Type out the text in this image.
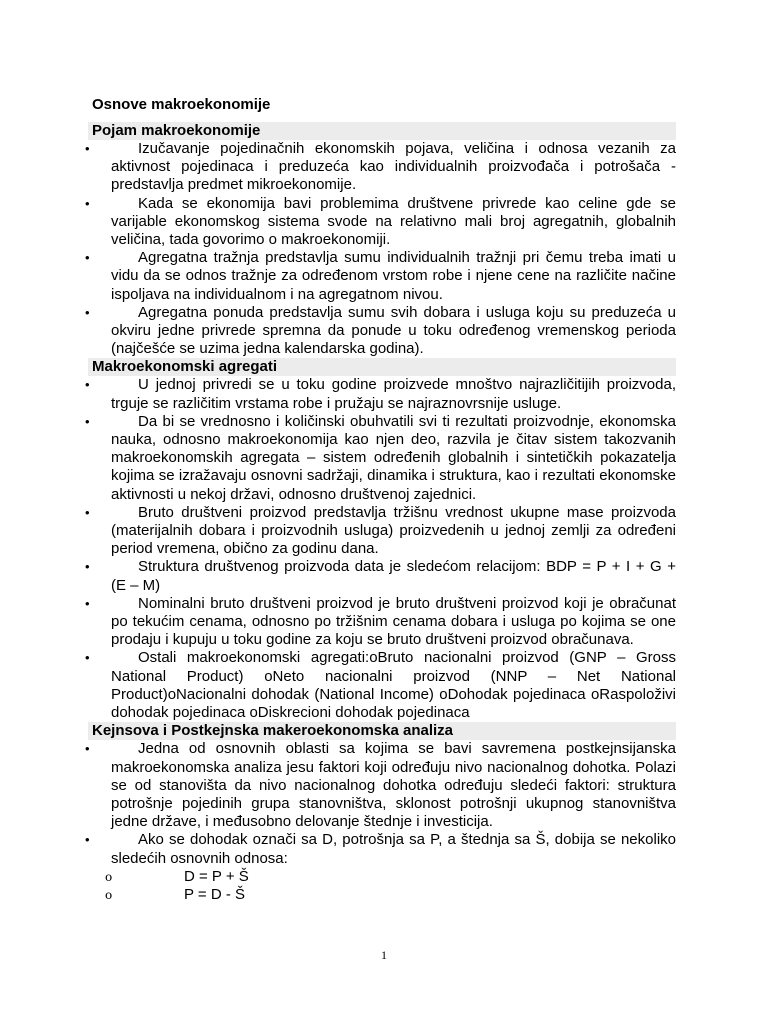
Osnove makroekonomije
Pojam makroekonomije
•	Izučavanje pojedinačnih ekonomskih pojava, veličina i odnosa vezanih za aktivnost pojedinaca i preduzeća kao individualnih proizvođača i potrošača - predstavlja predmet mikroekonomije.
•	Kada se ekonomija bavi problemima društvene privrede kao celine gde se varijable ekonomskog sistema svode na relativno mali broj agregatnih, globalnih veličina, tada govorimo o makroekonomiji.
•	Agregatna tražnja predstavlja sumu individualnih tražnji pri čemu treba imati u vidu da se odnos tražnje za određenom vrstom robe i njene cene na različite načine ispoljava na individualnom i na agregatnom nivou.
•	Agregatna ponuda predstavlja sumu svih dobara i usluga koju su preduzeća u okviru jedne privrede spremna da ponude u toku određenog vremenskog perioda (najčešće se uzima jedna kalendarska godina).
Makroekonomski agregati
•	U jednoj privredi se u toku godine proizvede mnoštvo najrazličitijih proizvoda, trguje se različitim vrstama robe i pružaju se najraznovrsnije usluge.
•	Da bi se vrednosno i količinski obuhvatili svi ti rezultati proizvodnje, ekonomska nauka, odnosno makroekonomija kao njen deo, razvila je čitav sistem takozvanih makroekonomskih agregata – sistem određenih globalnih i sintetičkih pokazatelja kojima se izražavaju osnovni sadržaji, dinamika i struktura, kao i rezultati ekonomske aktivnosti u nekoj državi, odnosno društvenoj zajednici.
•	Bruto društveni proizvod predstavlja tržišnu vrednost ukupne mase proizvoda (materijalnih dobara i proizvodnih usluga) proizvedenih u jednoj zemlji za određeni period vremena, obično za godinu dana.
•	Struktura društvenog proizvoda data je sledećom relacijom: BDP = P + I + G + (E – M)
•	Nominalni bruto društveni proizvod je bruto društveni proizvod koji je obračunat po tekućim cenama, odnosno po tržišnim cenama dobara i usluga po kojima se one prodaju i kupuju u toku godine za koju se bruto društveni proizvod obračunava.
•	Ostali makroekonomski agregati:oBruto nacionalni proizvod (GNP – Gross National Product) oNeto nacionalni proizvod (NNP – Net National Product)oNacionalni dohodak (National Income) oDohodak pojedinaca oRaspoloživi dohodak pojedinaca oDiskrecioni dohodak pojedinaca
Kejnsova i Postkejnska makeroekonomska analiza
•	Jedna od osnovnih oblasti sa kojima se bavi savremena postkejnsijanska makroekonomska analiza jesu faktori koji određuju nivo nacionalnog dohotka. Polazi se od stanovišta da nivo nacionalnog dohotka određuju sledeći faktori: struktura potrošnje pojedinih grupa stanovništva, sklonost potrošnji ukupnog stanovništva jedne države, i međusobno delovanje štednje i investicija.
•	Ako se dohodak označi sa D, potrošnja sa P, a štednja sa Š, dobija se nekoliko sledećih osnovnih odnosa:
o	D = P + Š
o	P = D - Š
1
